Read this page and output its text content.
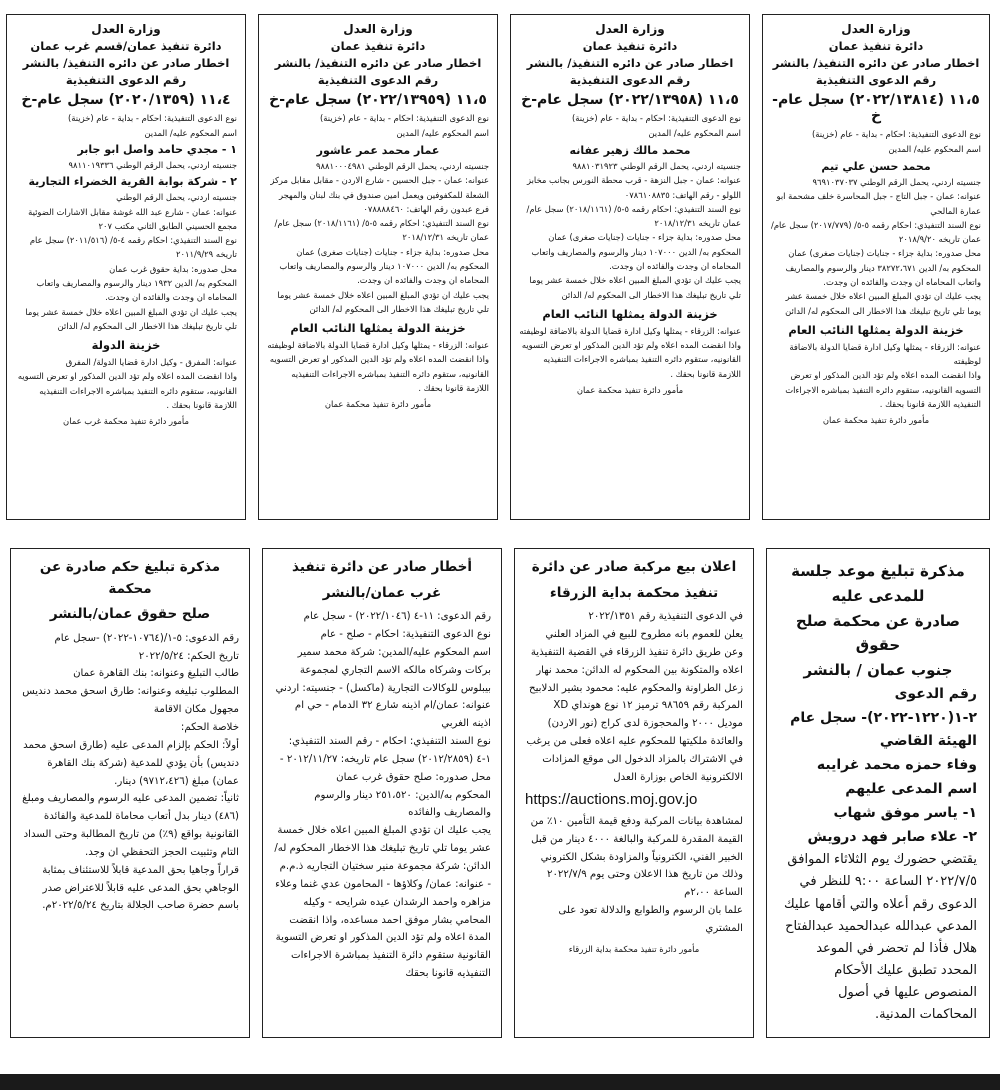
وزارة العدل
دائرة تنفيذ عمان
اخطار صادر عن دائره التنفيذ/ بالنشر
رقم الدعوى التنفيذية
١١،٥ (٢٠٢٢/١٣٨١٤) سجل عام-خ
نوع الدعوى التنفيذية: احكام - بداية - عام (خزينة)
اسم المحكوم عليه/ المدين
محمد حسن علي تيم
جنسيته اردني، يحمل الرقم الوطني ٩٦٩١٠٣٧٠٣٧
عنوانه: عمان - جبل التاج - جبل المحاسرة خلف مشحمة ابو عمارة المالحي
نوع السند التنفيذي: احكام رقمه ٥-٥/ (٢٠١٧/٧٧٩) سجل عام/ عمان تاريخه ٢٠١٨/٩/٢٠
محل صدوره: بداية جزاء - جنايات (جنايات صغرى) عمان
المحكوم به/ الدين ٣٨٢٧٢،٦٧١ دينار والرسوم والمصاريف واتعاب المحاماه ان وجدت والفائده ان وجدت.
يجب عليك ان تؤدي المبلغ المبين اعلاه خلال خمسة عشر يوما تلي تاريخ تبليغك هذا الاخطار الى المحكوم له/ الدائن
خزينة الدولة يمثلها النائب العام
عنوانه: الزرقاء - يمثلها وكيل ادارة قضايا الدولة بالاضافة لوظيفته
واذا انقضت المده اعلاه ولم تؤد الدين المذكور او تعرض التسويه القانونيه، ستقوم دائره التنفيذ بمباشره الاجراءات التنفيذيه اللازمة قانونا بحقك .
مأمور دائرة تنفيذ محكمة عمان
وزارة العدل
دائرة تنفيذ عمان
اخطار صادر عن دائره التنفيذ/ بالنشر
رقم الدعوى التنفيذية
١١،٥ (٢٠٢٢/١٣٩٥٨) سجل عام-خ
نوع الدعوى التنفيذية: احكام - بداية - عام (خزينة)
اسم المحكوم عليه/ المدين
محمد مالك زهير عفانه
جنسيته اردني، يحمل الرقم الوطني ٩٨٨١٠٣١٩٢٣
عنوانه: عمان - جبل النزهة - قرب محطة النورس بجانب مخابز اللولو - رقم الهاتف: ٠٧٨٦١٠٨٨٣٥
نوع السند التنفيذي: احكام رقمه ٥-٥/ (٢٠١٨/١١٦١) سجل عام/ عمان تاريخه ٢٠١٨/١٢/٣١
محل صدوره: بداية جزاء - جنايات (جنايات صغرى) عمان
المحكوم به/ الدين ١٠٧٠٠٠ دينار والرسوم والمصاريف واتعاب المحاماه ان وجدت والفائده ان وجدت.
يجب عليك ان تؤدي المبلغ المبين اعلاه خلال خمسة عشر يوما تلي تاريخ تبليغك هذا الاخطار الى المحكوم له/ الدائن
خزينة الدولة يمثلها النائب العام
عنوانه: الزرقاء - يمثلها وكيل ادارة قضايا الدولة بالاضافة لوظيفته
واذا انقضت المده اعلاه ولم تؤد الدين المذكور او تعرض التسويه القانونيه، ستقوم دائره التنفيذ بمباشره الاجراءات التنفيذيه اللازمة قانونا بحقك .
مأمور دائرة تنفيذ محكمة عمان
وزارة العدل
دائرة تنفيذ عمان
اخطار صادر عن دائره التنفيذ/ بالنشر
رقم الدعوى التنفيذية
١١،٥ (٢٠٢٢/١٣٩٥٩) سجل عام-خ
نوع الدعوى التنفيذية: احكام - بداية - عام (خزينة)
اسم المحكوم عليه/ المدين
عمار محمد عمر عاشور
جنسيته اردني، يحمل الرقم الوطني ٩٨٨١٠٠٠٤٩٨١
عنوانه: عمان - جبل الحسين - شارع الاردن - مقابل مقابل مركز الشعلة للمكفوفين ويعمل امين صندوق في بنك لبنان والمهجر فرع عبدون رقم الهاتف: ٠٧٨٨٨٨٤٦٠
نوع السند التنفيذي: احكام رقمه ٥-٥/ (٢٠١٨/١١٦١) سجل عام/ عمان تاريخه ٢٠١٨/١٢/٣١
محل صدوره: بداية جزاء - جنايات (جنايات صغرى) عمان
المحكوم به/ الدين ١٠٧٠٠٠ دينار والرسوم والمصاريف واتعاب المحاماه ان وجدت والفائده ان وجدت.
يجب عليك ان تؤدي المبلغ المبين اعلاه خلال خمسة عشر يوما تلي تاريخ تبليغك هذا الاخطار الى المحكوم له/ الدائن
خزينة الدولة يمثلها النائب العام
عنوانه: الزرقاء - يمثلها وكيل ادارة قضايا الدولة بالاضافة لوظيفته
واذا انقضت المده اعلاه ولم تؤد الدين المذكور او تعرض التسويه القانونيه، ستقوم دائره التنفيذ بمباشره الاجراءات التنفيذيه اللازمة قانونا بحقك .
مأمور دائرة تنفيذ محكمة عمان
وزارة العدل
دائرة تنفيذ عمان/قسم غرب عمان
اخطار صادر عن دائره التنفيذ/ بالنشر
رقم الدعوى التنفيذية
١١،٤ (٢٠٢٠/١٣٥٩) سجل عام-خ
نوع الدعوى التنفيذية: احكام - بداية - عام (خزينة)
اسم المحكوم عليه/ المدين
١ - مجدي حامد واصل ابو جابر
جنسيته اردني، يحمل الرقم الوطني ٩٨١١٠١٩٣٣٦
٢ - شركة بوابة القرية الخضراء التجارية
جنسيته اردني، يحمل الرقم الوطني
عنوانه: عمان - شارع عبد الله غوشة مقابل الاشارات الضوئية مجمع الحسيني الطابق الثاني مكتب ٢٠٧
نوع السند التنفيذي: احكام رقمه ٤-٥/ (٢٠١١/٥١٦) سجل عام تاريخه ٢٠١١/٩/٢٩
محل صدوره: بداية حقوق غرب عمان
المحكوم به/ الدين ١٩٣٢ دينار والرسوم والمصاريف واتعاب المحاماه ان وجدت والفائده ان وجدت.
يجب عليك ان تؤدي المبلغ المبين اعلاه خلال خمسة عشر يوما تلي تاريخ تبليغك هذا الاخطار الى المحكوم له/ الدائن
خزينة الدولة
عنوانه: المفرق - وكيل ادارة قضايا الدولة/ المفرق
واذا انقضت المده اعلاه ولم تؤد الدين المذكور او تعرض التسويه القانونيه، ستقوم دائره التنفيذ بمباشره الاجراءات التنفيذيه اللازمة قانونا بحقك .
مأمور دائرة تنفيذ محكمة غرب عمان
مذكرة تبليغ موعد جلسة
للمدعى عليه
صادرة عن محكمة صلح حقوق
جنوب عمان / بالنشر
رقم الدعوى ٢-١(١٢٢٠-٢٠٢٢)- سجل عام
الهيئة القاضي
وفاء حمزه محمد غرايبه
اسم المدعى عليهم
١- ياسر موفق شهاب
٢- علاء صابر فهد درويش
يقتضي حضورك يوم الثلاثاء الموافق ٢٠٢٢/٧/٥ الساعة ٩:٠٠ للنظر في الدعوى رقم أعلاه والتي أقامها عليك المدعي عبدالله عبدالحميد عبدالفتاح هلال فأذا لم تحضر في الموعد المحدد تطبق عليك الأحكام المنصوص عليها في أصول المحاكمات المدنية.
اعلان بيع مركبة صادر عن دائرة
تنفيذ محكمة بداية الزرقاء
في الدعوى التنفيذية رقم ٢٠٢٢/١٣٥١
يعلن للعموم بانه مطروح للبيع في المزاد العلني وعن طريق دائرة تنفيذ الزرقاء في القضية التنفيذية اعلاه والمتكونة بين المحكوم له الدائن: محمد نهار زعل الطراونة والمحكوم عليه: محمود بشير الدلابيح
المركبة رقم ٩٨٦٥٩ ترميز ١٢ نوع هونداي XD موديل ٢٠٠٠ والمحجوزة لدى كراج (نور الاردن) والعائدة ملكيتها للمحكوم عليه اعلاه فعلى من يرغب في الاشتراك بالمزاد الدخول الى موقع المزادات الالكترونية الخاص بوزارة العدل
https://auctions.moj.gov.jo
لمشاهدة بيانات المركبة ودفع قيمة التأمين ١٠٪ من القيمة المقدرة للمركبة والبالغة ٤٠٠٠ دينار من قبل الخبير الفني، الكترونياً والمزاودة بشكل الكتروني وذلك من تاريخ هذا الاعلان وحتى يوم ٢٠٢٢/٧/٩ الساعة ٢،٠٠م
علما بان الرسوم والطوابع والدلالة تعود على المشتري
مأمور دائرة تنفيذ محكمة بداية الزرقاء
أخطار صادر عن دائرة تنفيذ
غرب عمان/بالنشر
رقم الدعوى: ١١-٤ (٢٠٢٢/١٠٤٦) - سجل عام
نوع الدعوى التنفيذية: احكام - صلح - عام
اسم المحكوم عليه/المدين: شركة محمد سمير بركات وشركاه مالكه الاسم التجاري لمجموعة بيبلوس للوكالات التجارية (ماكسل) - جنسيته: اردني
عنوانه: عمان/ام اذينه شارع ٣٢ الدمام - حي ام اذينه الغربي
نوع السند التنفيذي: احكام - رقم السند التنفيذي: ١-٤ (٢٠١٢/٢٨٥٩) سجل عام تاريخه: ٢٠١٢/١١/٢٧ - محل صدوره: صلح حقوق غرب عمان
المحكوم به/الدين: ٢٥١،٥٢٠ دينار والرسوم والمصاريف والفائده
يجب عليك ان تؤدي المبلغ المبين اعلاه خلال خمسة عشر يوما تلي تاريخ تبليغك هذا الاخطار المحكوم له/الدائن: شركة مجموعة منير سختيان التجاريه ذ.م.م - عنوانه: عمان/ وكلاؤها - المحامون عدي غنما وعلاء مزاهره واحمد الرشدان عيده شرايحه - وكيله المحامي بشار موفق احمد مساعده، واذا انقضت المدة اعلاه ولم تؤد الدين المذكور او تعرض التسوية القانونية ستقوم دائرة التنفيذ بمباشرة الاجراءات التنفيذيه قانونا بحقك
مذكرة تبليغ حكم صادرة عن محكمة
صلح حقوق عمان/بالنشر
رقم الدعوى: ٥-١/(١٠٧٦٤-٢٠٢٢) -سجل عام
تاريخ الحكم: ٢٠٢٢/٥/٢٤
طالب التبليغ وعنوانه: بنك القاهرة عمان
المطلوب تبليغه وعنوانه: طارق اسحق محمد دنديس
مجهول مكان الاقامة
خلاصة الحكم:
أولاً: الحكم بإلزام المدعى عليه (طارق اسحق محمد دنديس) بأن يؤدي للمدعية (شركة بنك القاهرة عمان) مبلغ (٩٧١٢،٤٢٦) دينار.
ثانياً: تضمين المدعى عليه الرسوم والمصاريف ومبلغ (٤٨٦) دينار بدل أتعاب محاماة للمدعية والفائدة القانونية بواقع (٩٪) من تاريخ المطالبة وحتى السداد التام وتثبيت الحجز التحفظي ان وجد.
قراراً وجاهيا بحق المدعية قابلاً للاستئناف بمثابة الوجاهي بحق المدعى عليه قابلاً للاعتراض صدر باسم حضرة صاحب الجلالة بتاريخ ٢٠٢٢/٥/٢٤م.
